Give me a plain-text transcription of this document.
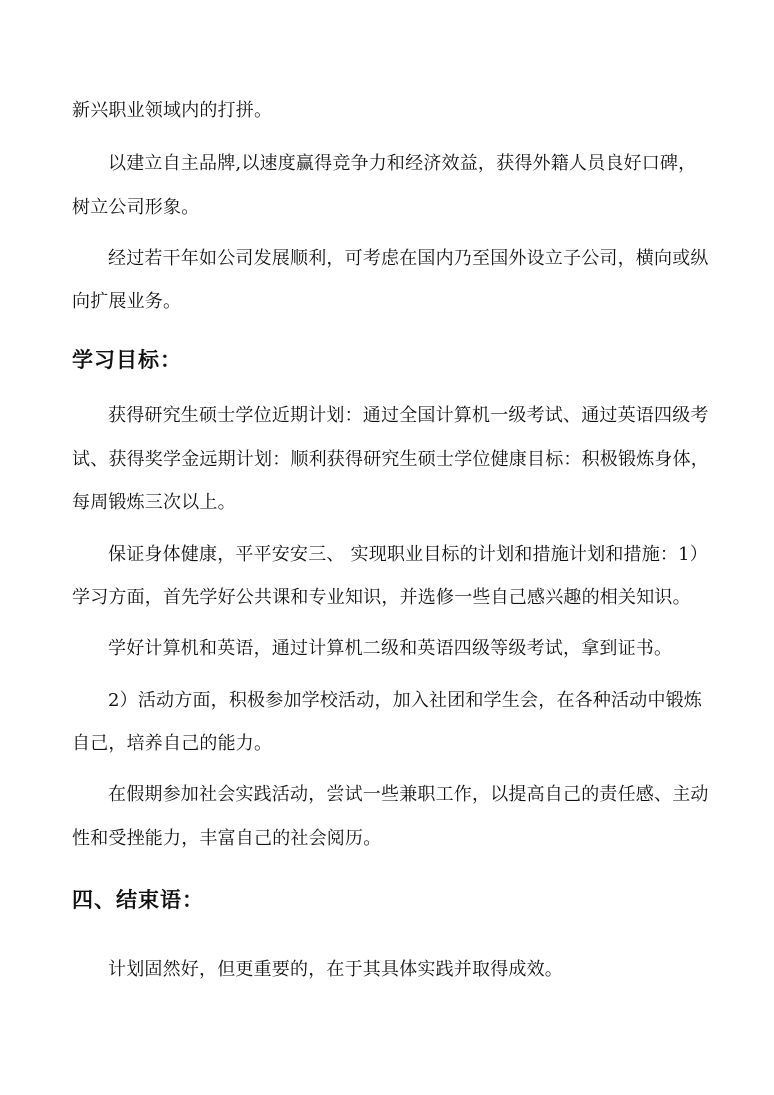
新兴职业领域内的打拼。
以建立自主品牌,以速度赢得竞争力和经济效益，获得外籍人员良好口碑，
树立公司形象。
经过若干年如公司发展顺利，可考虑在国内乃至国外设立子公司，横向或纵
向扩展业务。
学习目标：
获得研究生硕士学位近期计划：通过全国计算机一级考试、通过英语四级考
试、获得奖学金远期计划：顺利获得研究生硕士学位健康目标：积极锻炼身体，
每周锻炼三次以上。
保证身体健康，平平安安三、 实现职业目标的计划和措施计划和措施：1）
学习方面，首先学好公共课和专业知识，并选修一些自己感兴趣的相关知识。
学好计算机和英语，通过计算机二级和英语四级等级考试，拿到证书。
2）活动方面，积极参加学校活动，加入社团和学生会，在各种活动中锻炼
自己，培养自己的能力。
在假期参加社会实践活动，尝试一些兼职工作，以提高自己的责任感、主动
性和受挫能力，丰富自己的社会阅历。
四、结束语：
计划固然好，但更重要的，在于其具体实践并取得成效。
